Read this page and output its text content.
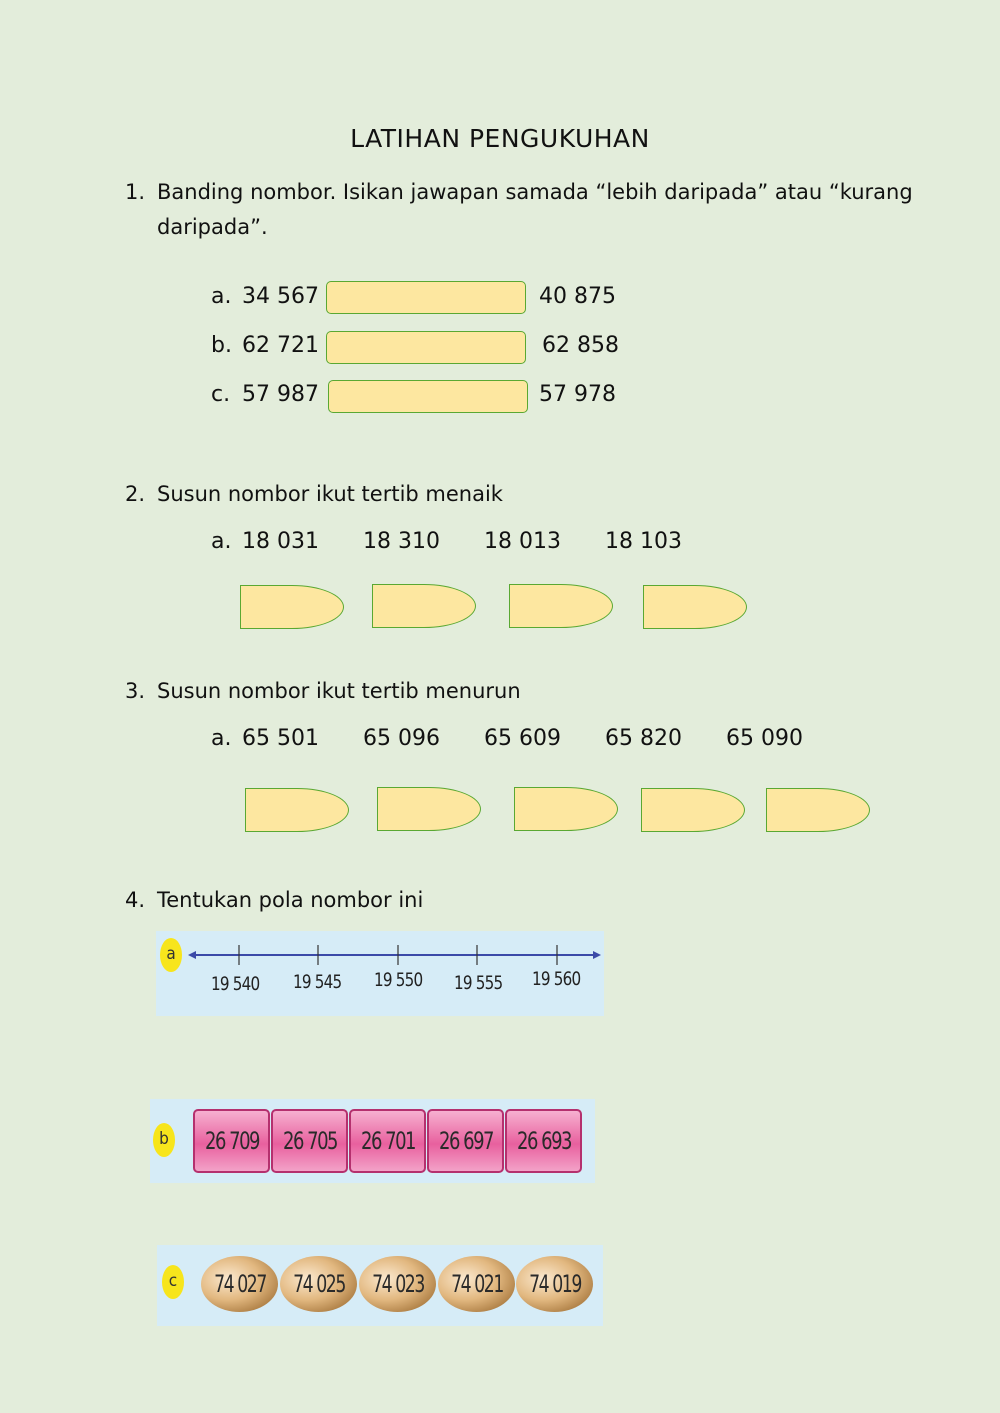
LATIHAN PENGUKUHAN
1. Banding nombor. Isikan jawapan samada “lebih daripada” atau “kurang
daripada”.
a. 34 567	40 875
b. 62 721	62 858
c. 57 987	57 978
2. Susun nombor ikut tertib menaik
a. 18 031 18 310 18 013 18 103
3. Susun nombor ikut tertib menurun
a. 65 501 65 096 65 609 65 820 65 090
4. Tentukan pola nombor ini
a
19 540 19 545 19 550 19 555 19 560
b 26 709 26 705 26 701 26 697 26 693
c 74 027 74 025 74 023 74 021 74 019
